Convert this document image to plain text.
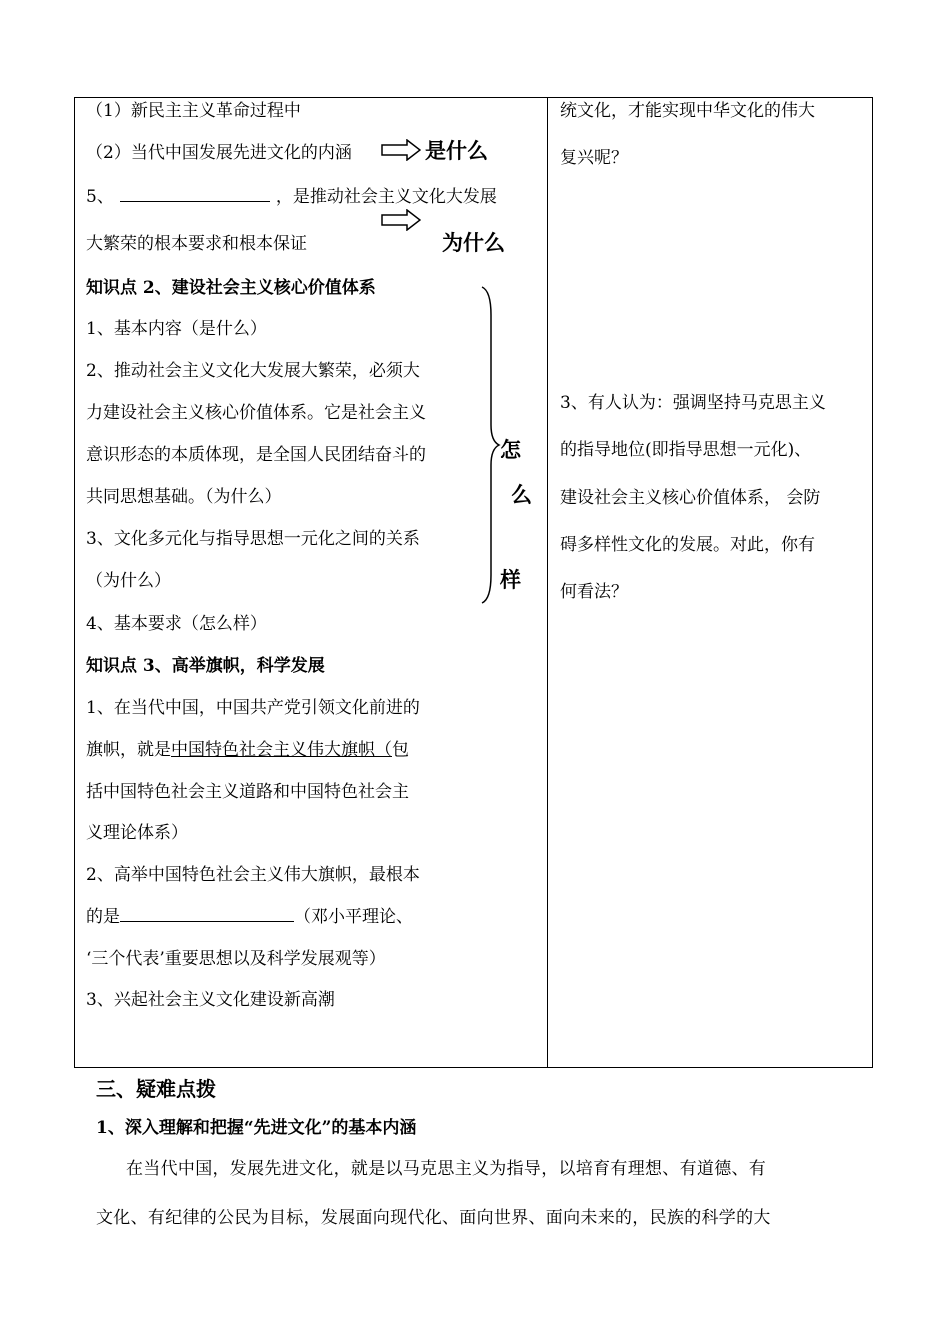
（1）新民主主义革命过程中
（2）当代中国发展先进文化的内涵	是什么
5、	，是推动社会主义文化大发展
大繁荣的根本要求和根本保证	为什么
知识点 2、建设社会主义核心价值体系
1、基本内容（是什么）
2、推动社会主义文化大发展大繁荣，必须大
力建设社会主义核心价值体系。它是社会主义
意识形态的本质体现，是全国人民团结奋斗的
共同思想基础。（为什么）
3、文化多元化与指导思想一元化之间的关系
（为什么）
4、基本要求（怎么样）
怎
么
样
知识点 3、高举旗帜，科学发展
1、在当代中国，中国共产党引领文化前进的
旗帜，就是中国特色社会主义伟大旗帜（包
括中国特色社会主义道路和中国特色社会主
义理论体系）
2、高举中国特色社会主义伟大旗帜，最根本
的是	（邓小平理论、
‘三个代表’重要思想以及科学发展观等）
3、兴起社会主义文化建设新高潮
统文化，才能实现中华文化的伟大
复兴呢？
3、有人认为：强调坚持马克思主义
的指导地位(即指导思想一元化)、
建设社会主义核心价值体系， 会防
碍多样性文化的发展。对此，你有
何看法？
三、疑难点拨
1、深入理解和把握“先进文化”的基本内涵
在当代中国，发展先进文化，就是以马克思主义为指导，以培育有理想、有道德、有
文化、有纪律的公民为目标，发展面向现代化、面向世界、面向未来的，民族的科学的大
